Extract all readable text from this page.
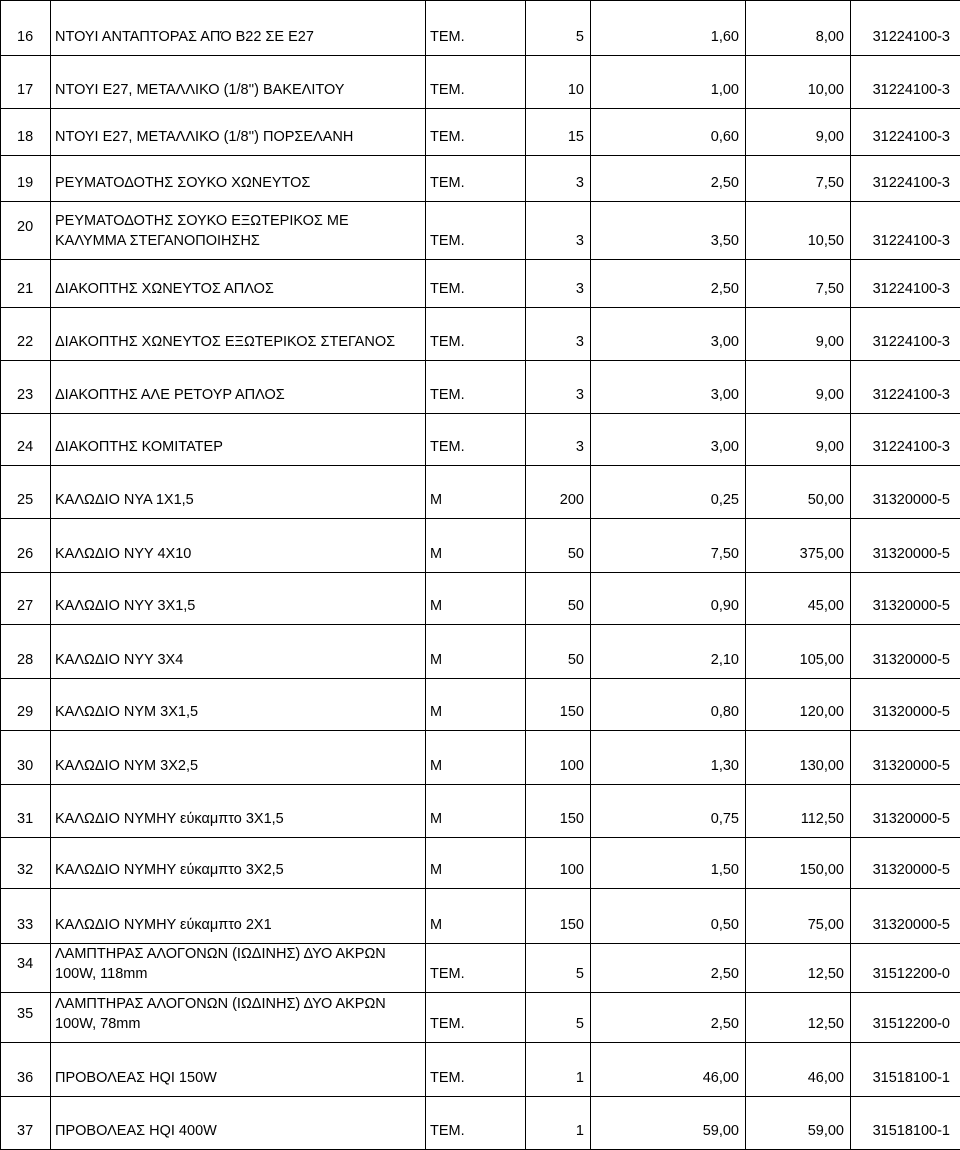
16	ΝΤΟΥΙ ΑΝΤΑΠΤΟΡΑΣ ΑΠΌ Β22 ΣΕ Ε27	ΤΕΜ.	5	1,60	8,00	31224100-3
17	ΝΤΟΥΙ Ε27, ΜΕΤΑΛΛΙΚΟ (1/8'') ΒΑΚΕΛΙΤΟΥ	ΤΕΜ.	10	1,00	10,00	31224100-3
18	ΝΤΟΥΙ Ε27, ΜΕΤΑΛΛΙΚΟ (1/8'') ΠΟΡΣΕΛΑΝΗ	ΤΕΜ.	15	0,60	9,00	31224100-3
19	ΡΕΥΜΑΤΟΔΟΤΗΣ ΣΟΥΚΟ ΧΩΝΕΥΤΟΣ	ΤΕΜ.	3	2,50	7,50	31224100-3
20	ΡΕΥΜΑΤΟΔΟΤΗΣ ΣΟΥΚΟ ΕΞΩΤΕΡΙΚΟΣ ΜΕ ΚΑΛΥΜΜΑ ΣΤΕΓΑΝΟΠΟΙΗΣΗΣ	ΤΕΜ.	3	3,50	10,50	31224100-3
21	ΔΙΑΚΟΠΤΗΣ ΧΩΝΕΥΤΟΣ ΑΠΛΟΣ	ΤΕΜ.	3	2,50	7,50	31224100-3
22	ΔΙΑΚΟΠΤΗΣ ΧΩΝΕΥΤΟΣ ΕΞΩΤΕΡΙΚΟΣ ΣΤΕΓΑΝΟΣ	ΤΕΜ.	3	3,00	9,00	31224100-3
23	ΔΙΑΚΟΠΤΗΣ ΑΛΕ ΡΕΤΟΥΡ ΑΠΛΟΣ	ΤΕΜ.	3	3,00	9,00	31224100-3
24	ΔΙΑΚΟΠΤΗΣ ΚΟΜΙΤΑΤΕΡ	ΤΕΜ.	3	3,00	9,00	31224100-3
25	ΚΑΛΩΔΙΟ ΝΥΑ 1Χ1,5	Μ	200	0,25	50,00	31320000-5
26	ΚΑΛΩΔΙΟ ΝΥΥ 4Χ10	Μ	50	7,50	375,00	31320000-5
27	ΚΑΛΩΔΙΟ ΝΥΥ 3Χ1,5	Μ	50	0,90	45,00	31320000-5
28	ΚΑΛΩΔΙΟ ΝΥΥ 3Χ4	Μ	50	2,10	105,00	31320000-5
29	ΚΑΛΩΔΙΟ ΝΥΜ 3Χ1,5	Μ	150	0,80	120,00	31320000-5
30	ΚΑΛΩΔΙΟ ΝΥΜ 3Χ2,5	Μ	100	1,30	130,00	31320000-5
31	ΚΑΛΩΔΙΟ ΝΥΜΗΥ εύκαμπτο 3Χ1,5	Μ	150	0,75	112,50	31320000-5
32	ΚΑΛΩΔΙΟ ΝΥΜΗΥ εύκαμπτο 3Χ2,5	Μ	100	1,50	150,00	31320000-5
33	ΚΑΛΩΔΙΟ ΝΥΜΗΥ εύκαμπτο 2Χ1	Μ	150	0,50	75,00	31320000-5
34	ΛΑΜΠΤΗΡΑΣ ΑΛΟΓΟΝΩΝ (ΙΩΔΙΝΗΣ) ΔΥΟ ΑΚΡΩΝ 100W, 118mm	ΤΕΜ.	5	2,50	12,50	31512200-0
35	ΛΑΜΠΤΗΡΑΣ ΑΛΟΓΟΝΩΝ (ΙΩΔΙΝΗΣ) ΔΥΟ ΑΚΡΩΝ 100W, 78mm	ΤΕΜ.	5	2,50	12,50	31512200-0
36	ΠΡΟΒΟΛΕΑΣ HQI 150W	ΤΕΜ.	1	46,00	46,00	31518100-1
37	ΠΡΟΒΟΛΕΑΣ HQI 400W	ΤΕΜ.	1	59,00	59,00	31518100-1
